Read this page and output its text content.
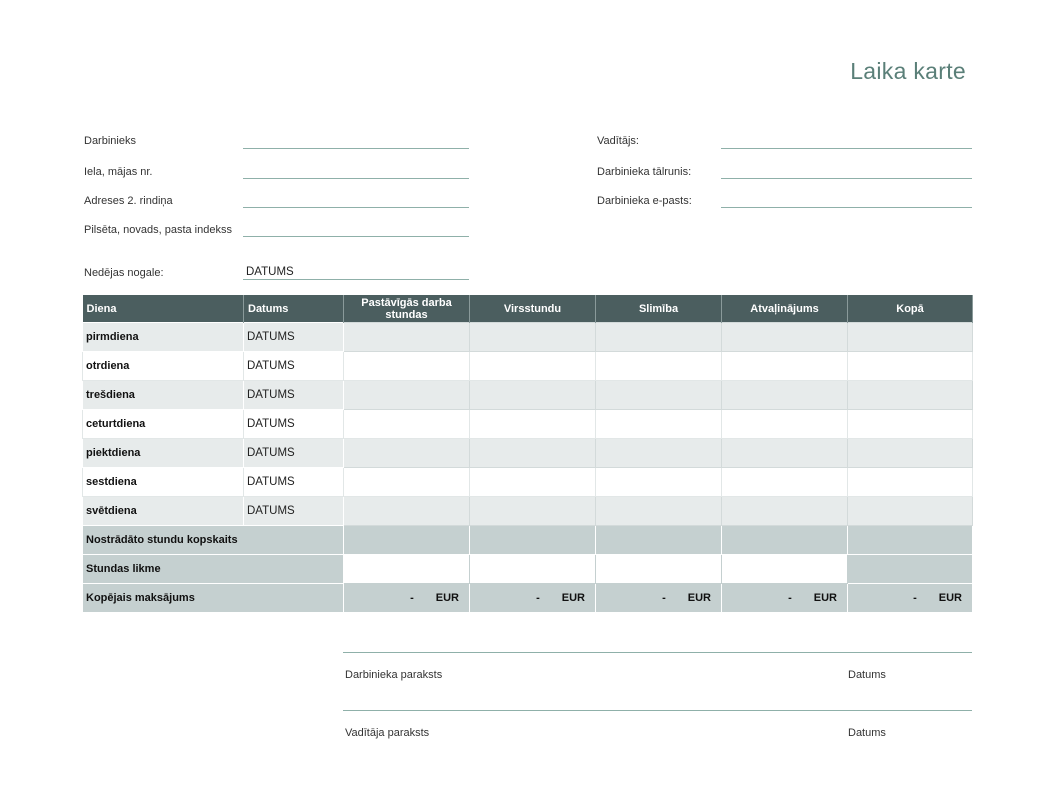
Laika karte
Darbinieks
Iela, mājas nr.
Adreses 2. rindiņa
Pilsēta, novads, pasta indekss
Vadītājs:
Darbinieka tālrunis:
Darbinieka e-pasts:
Nedējas nogale:	DATUMS
Diena	Datums	Pastāvīgās darba stundas	Virsstundu	Slimība	Atvaļinājums	Kopā
pirmdiena	DATUMS					
otrdiena	DATUMS					
trešdiena	DATUMS					
ceturtdiena	DATUMS					
piektdiena	DATUMS					
sestdiena	DATUMS					
svētdiena	DATUMS					
Nostrādāto stundu kopskaits						
Stundas likme						
Kopējais maksājums		- EUR	- EUR	- EUR	- EUR	- EUR
Darbinieka paraksts	Datums
Vadītāja paraksts	Datums
